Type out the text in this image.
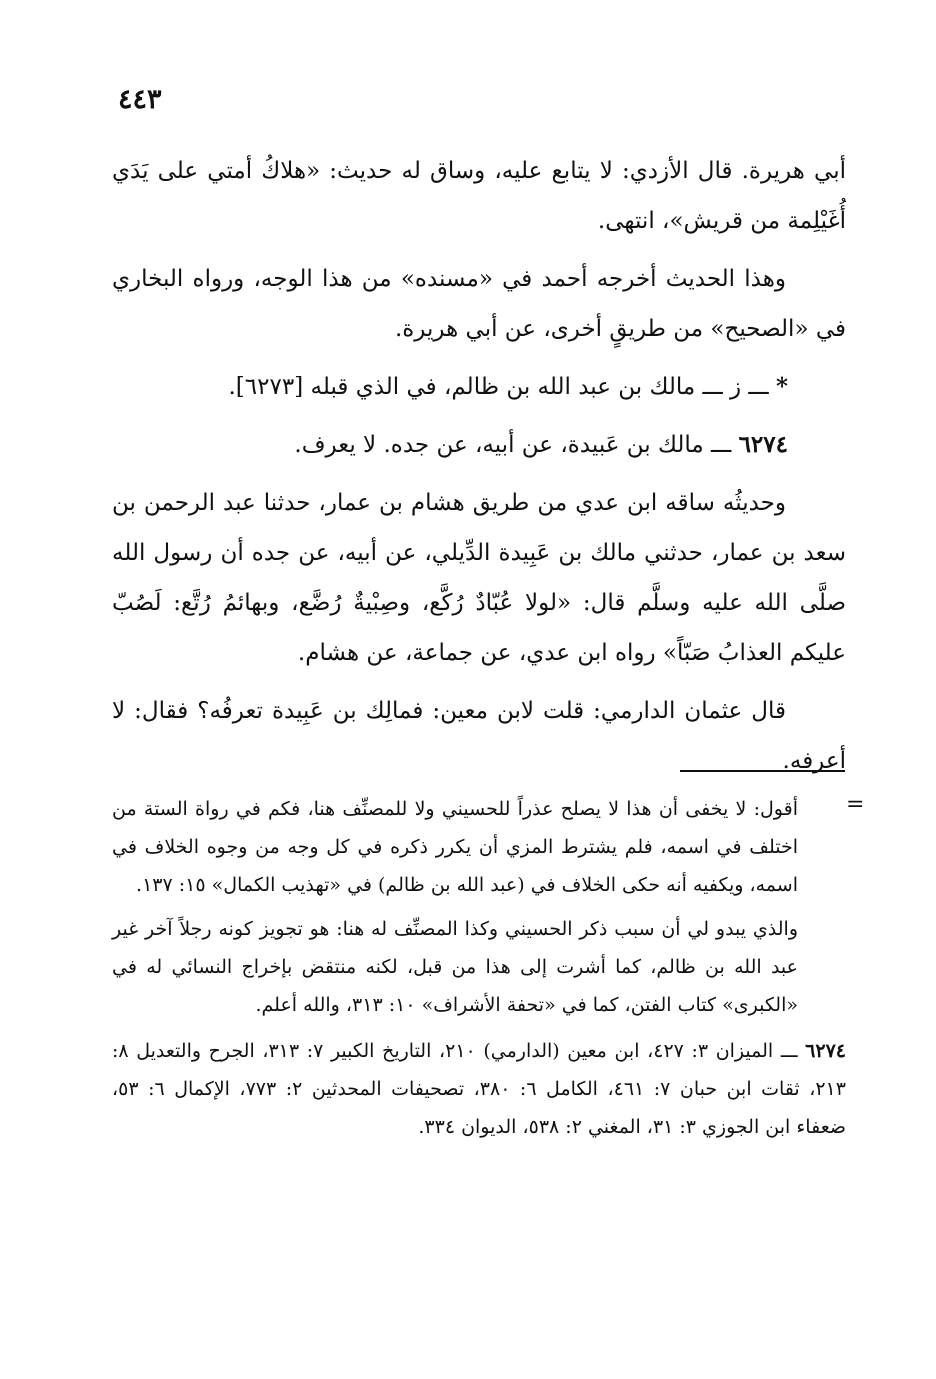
٤٤٣

أبي هريرة. قال الأزدي: لا يتابع عليه، وساق له حديث: «هلاكُ أمتي على يَدَي أُغَيْلِمة من قريش»، انتهى.

وهذا الحديث أخرجه أحمد في «مسنده» من هذا الوجه، ورواه البخاري في «الصحيح» من طريقٍ أخرى، عن أبي هريرة.

* ـــ ز ـــ مالك بن عبد الله بن ظالم، في الذي قبله [٦٢٧٣].
٦٢٧٤ ـــ مالك بن عَبيدة، عن أبيه، عن جده. لا يعرف.

وحديثُه ساقه ابن عدي من طريق هشام بن عمار، حدثنا عبد الرحمن بن سعد بن عمار، حدثني مالك بن عَبِيدة الدِّيلي، عن أبيه، عن جده أن رسول الله صلَّى الله عليه وسلَّم قال: «لولا عُبّادٌ رُكَّع، وصِبْيةٌ رُضَّع، وبهائمُ رُتَّع: لَصُبّ عليكم العذابُ صَبّاً» رواه ابن عدي، عن جماعة، عن هشام.

قال عثمان الدارمي: قلت لابن معين: فمالِك بن عَبِيدة تعرفُه؟ فقال: لا أعرفه.

=

أقول: لا يخفى أن هذا لا يصلح عذراً للحسيني ولا للمصنِّف هنا، فكم في رواة الستة من اختلف في اسمه، فلم يشترط المزي أن يكرر ذكره في كل وجه من وجوه الخلاف في اسمه، ويكفيه أنه حكى الخلاف في (عبد الله بن ظالم) في «تهذيب الكمال» ١٥: ١٣٧.

والذي يبدو لي أن سبب ذكر الحسيني وكذا المصنِّف له هنا: هو تجويز كونه رجلاً آخر غير عبد الله بن ظالم، كما أشرت إلى هذا من قبل، لكنه منتقض بإخراج النسائي له في «الكبرى» كتاب الفتن، كما في «تحفة الأشراف» ١٠: ٣١٣، والله أعلم.

٦٢٧٤ ـــ الميزان ٣: ٤٢٧، ابن معين (الدارمي) ٢١٠، التاريخ الكبير ٧: ٣١٣، الجرح والتعديل ٨: ٢١٣، ثقات ابن حبان ٧: ٤٦١، الكامل ٦: ٣٨٠، تصحيفات المحدثين ٢: ٧٧٣، الإكمال ٦: ٥٣، ضعفاء ابن الجوزي ٣: ٣١، المغني ٢: ٥٣٨، الديوان ٣٣٤.
